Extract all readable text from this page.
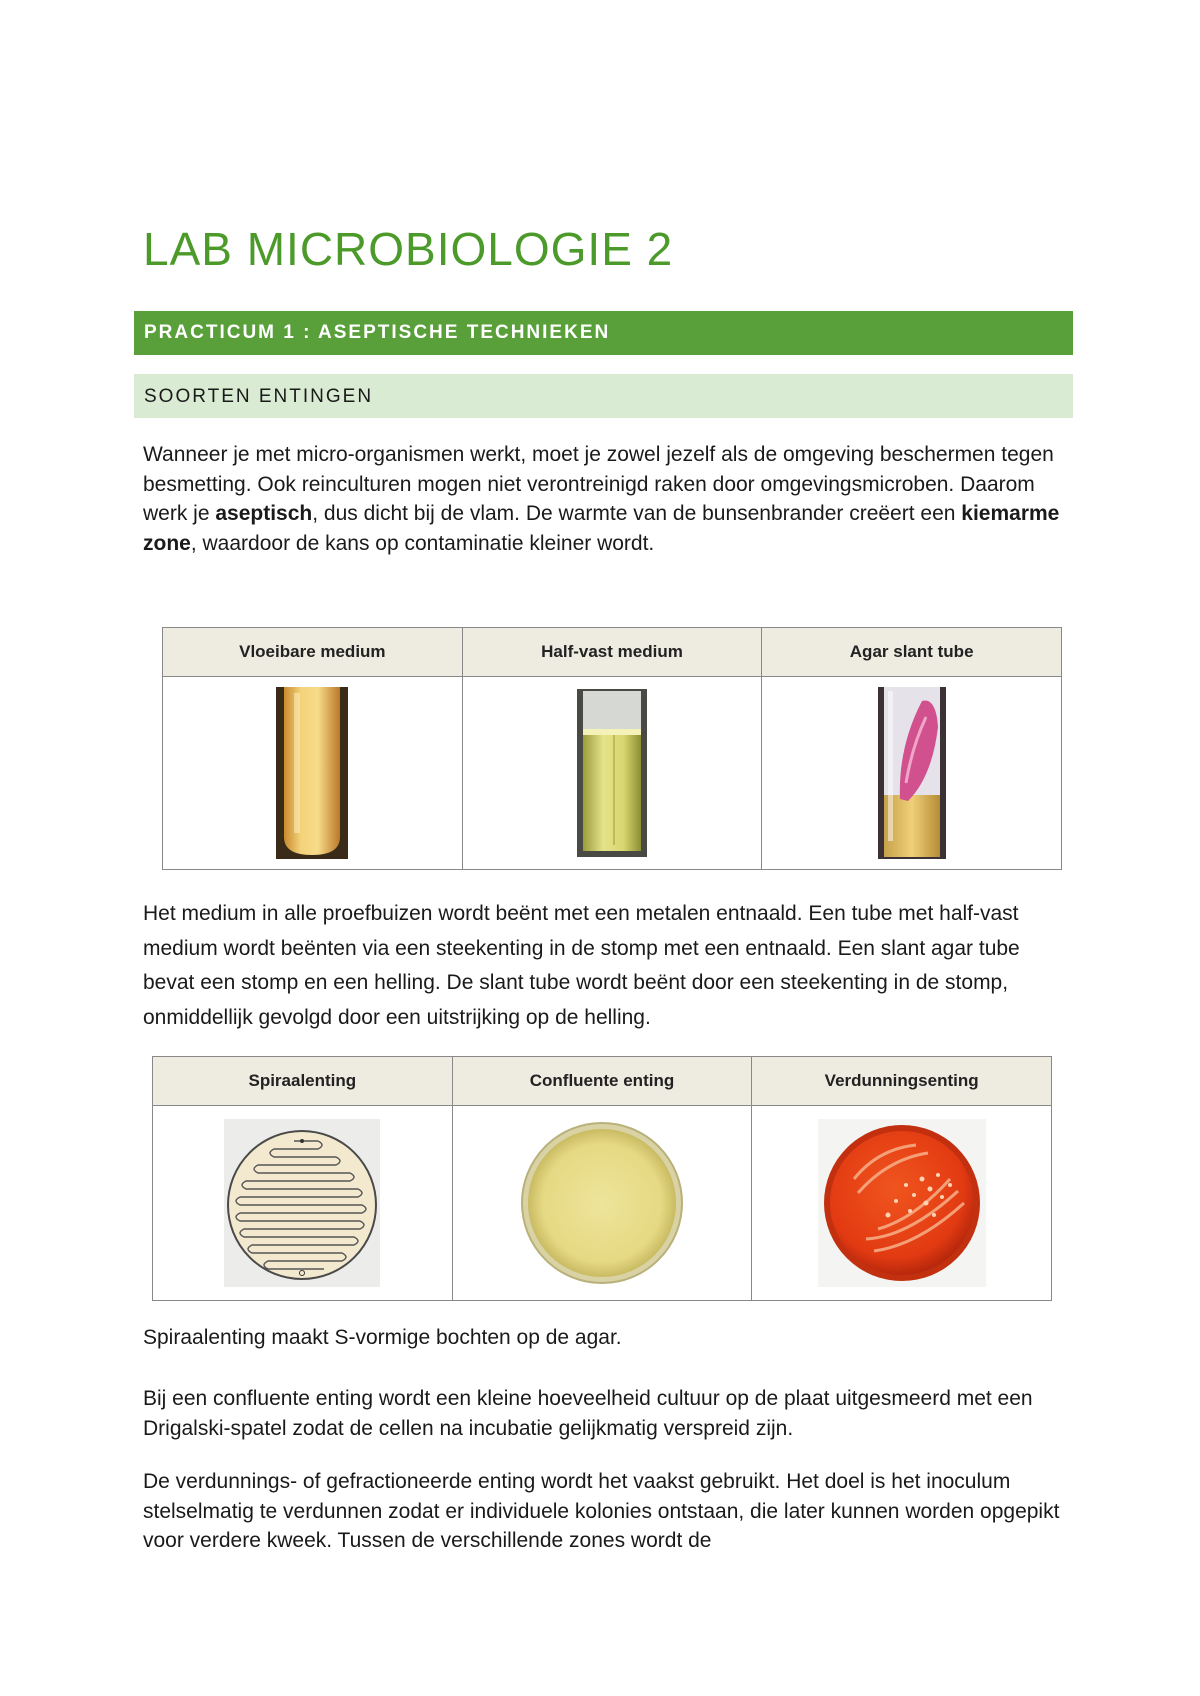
LAB MICROBIOLOGIE 2
PRACTICUM 1 : ASEPTISCHE TECHNIEKEN
SOORTEN ENTINGEN

Wanneer je met micro-organismen werkt, moet je zowel jezelf als de omgeving beschermen tegen besmetting. Ook reinculturen mogen niet verontreinigd raken door omgevingsmicroben. Daarom werk je aseptisch, dus dicht bij de vlam. De warmte van de bunsenbrander creëert een kiemarme zone, waardoor de kans op contaminatie kleiner wordt.

Vloeibare medium	Half-vast medium	Agar slant tube

Het medium in alle proefbuizen wordt beënt met een metalen entnaald. Een tube met half-vast medium wordt beënten via een steekenting in de stomp met een entnaald. Een slant agar tube bevat een stomp en een helling. De slant tube wordt beënt door een steekenting in de stomp, onmiddellijk gevolgd door een uitstrijking op de helling.

Spiraalenting	Confluente enting	Verdunningsenting

Spiraalenting maakt S-vormige bochten op de agar.

Bij een confluente enting wordt een kleine hoeveelheid cultuur op de plaat uitgesmeerd met een Drigalski-spatel zodat de cellen na incubatie gelijkmatig verspreid zijn.

De verdunnings- of gefractioneerde enting wordt het vaakst gebruikt. Het doel is het inoculum stelselmatig te verdunnen zodat er individuele kolonies ontstaan, die later kunnen worden opgepikt voor verdere kweek. Tussen de verschillende zones wordt de
